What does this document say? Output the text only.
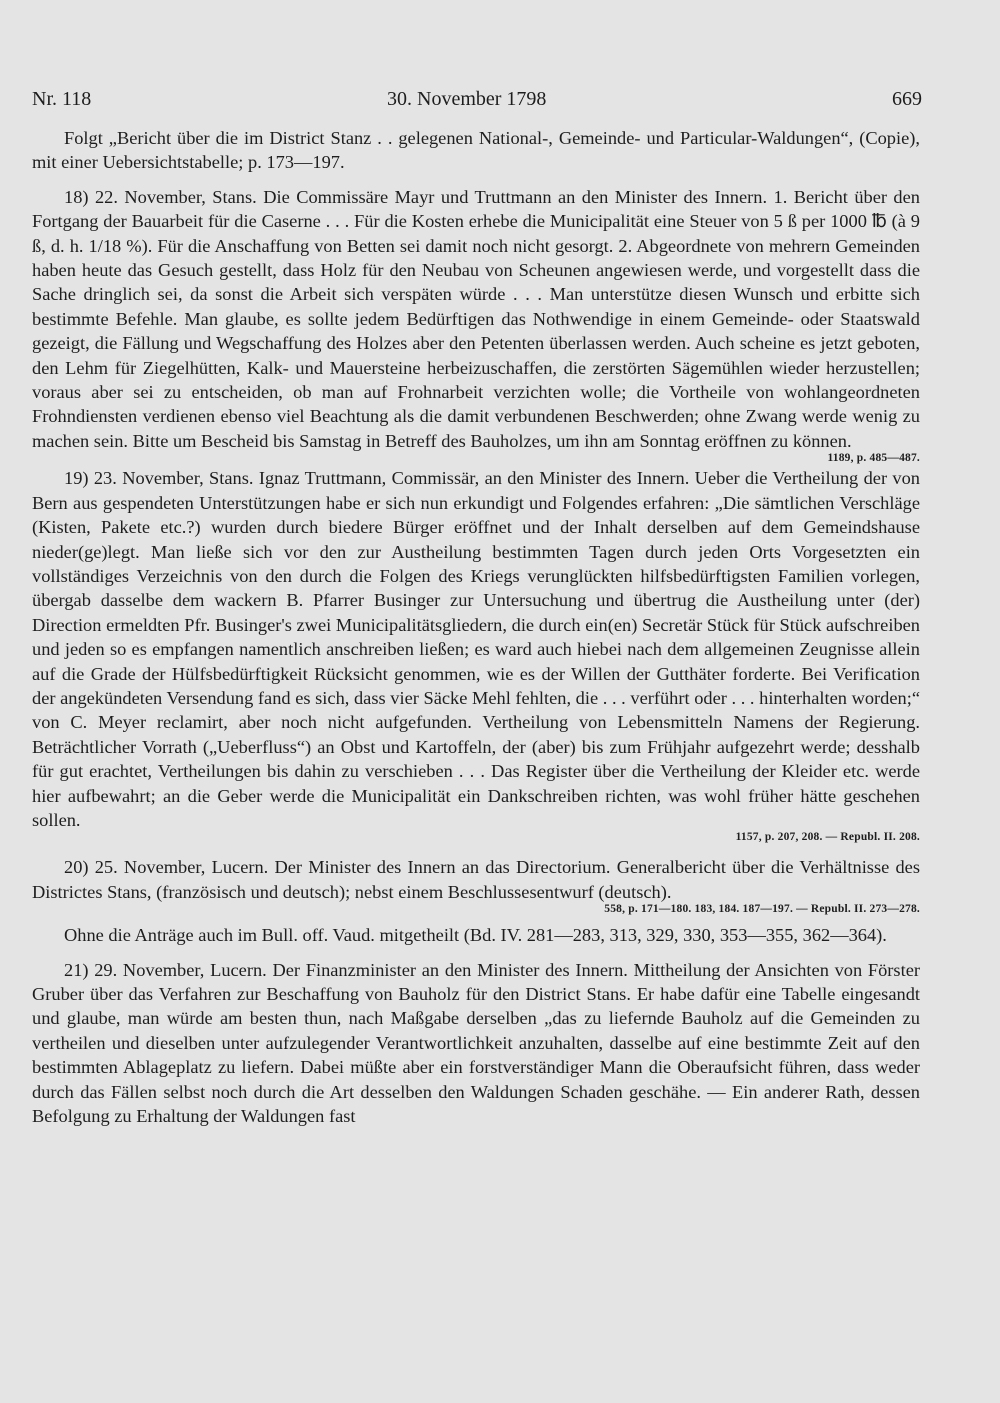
Nr. 118	30. November 1798	669

Folgt „Bericht über die im District Stanz . . gelegenen National-, Gemeinde- und Particular-Waldungen“, (Copie), mit einer Uebersichtstabelle; p. 173—197.

18) 22. November, Stans. Die Commissäre Mayr und Truttmann an den Minister des Innern. 1. Bericht über den Fortgang der Bauarbeit für die Caserne . . . Für die Kosten erhebe die Municipalität eine Steuer von 5 ß per 1000 ℔ (à 9 ß, d. h. 1/18 %). Für die Anschaffung von Betten sei damit noch nicht gesorgt. 2. Abgeordnete von mehrern Gemeinden haben heute das Gesuch gestellt, dass Holz für den Neubau von Scheunen angewiesen werde, und vorgestellt dass die Sache dringlich sei, da sonst die Arbeit sich verspäten würde . . . Man unterstütze diesen Wunsch und erbitte sich bestimmte Befehle. Man glaube, es sollte jedem Bedürftigen das Nothwendige in einem Gemeinde- oder Staatswald gezeigt, die Fällung und Wegschaffung des Holzes aber den Petenten überlassen werden. Auch scheine es jetzt geboten, den Lehm für Ziegelhütten, Kalk- und Mauersteine herbeizuschaffen, die zerstörten Sägemühlen wieder herzustellen; voraus aber sei zu entscheiden, ob man auf Frohnarbeit verzichten wolle; die Vortheile von wohlangeordneten Frohndiensten verdienen ebenso viel Beachtung als die damit verbundenen Beschwerden; ohne Zwang werde wenig zu machen sein. Bitte um Bescheid bis Samstag in Betreff des Bauholzes, um ihn am Sonntag eröffnen zu können.

1189, p. 485—487.

19) 23. November, Stans. Ignaz Truttmann, Commissär, an den Minister des Innern. Ueber die Vertheilung der von Bern aus gespendeten Unterstützungen habe er sich nun erkundigt und Folgendes erfahren: „Die sämtlichen Verschläge (Kisten, Pakete etc.?) wurden durch biedere Bürger eröffnet und der Inhalt derselben auf dem Gemeindshause nieder(ge)legt. Man ließe sich vor den zur Austheilung bestimmten Tagen durch jeden Orts Vorgesetzten ein vollständiges Verzeichnis von den durch die Folgen des Kriegs verunglückten hilfsbedürftigsten Familien vorlegen, übergab dasselbe dem wackern B. Pfarrer Businger zur Untersuchung und übertrug die Austheilung unter (der) Direction ermeldten Pfr. Businger's zwei Municipalitätsgliedern, die durch ein(en) Secretär Stück für Stück aufschreiben und jeden so es empfangen namentlich anschreiben ließen; es ward auch hiebei nach dem allgemeinen Zeugnisse allein auf die Grade der Hülfsbedürftigkeit Rücksicht genommen, wie es der Willen der Gutthäter forderte. Bei Verification der angekündeten Versendung fand es sich, dass vier Säcke Mehl fehlten, die . . . verführt oder . . . hinterhalten worden;“ von C. Meyer reclamirt, aber noch nicht aufgefunden. Vertheilung von Lebensmitteln Namens der Regierung. Beträchtlicher Vorrath („Ueberfluss“) an Obst und Kartoffeln, der (aber) bis zum Frühjahr aufgezehrt werde; desshalb für gut erachtet, Vertheilungen bis dahin zu verschieben . . . Das Register über die Vertheilung der Kleider etc. werde hier aufbewahrt; an die Geber werde die Municipalität ein Dankschreiben richten, was wohl früher hätte geschehen sollen.

1157, p. 207, 208. — Republ. II. 208.

20) 25. November, Lucern. Der Minister des Innern an das Directorium. Generalbericht über die Verhältnisse des Districtes Stans, (französisch und deutsch); nebst einem Beschlussesentwurf (deutsch).

558, p. 171—180. 183, 184. 187—197. — Republ. II. 273—278.

Ohne die Anträge auch im Bull. off. Vaud. mitgetheilt (Bd. IV. 281—283, 313, 329, 330, 353—355, 362—364).

21) 29. November, Lucern. Der Finanzminister an den Minister des Innern. Mittheilung der Ansichten von Förster Gruber über das Verfahren zur Beschaffung von Bauholz für den District Stans. Er habe dafür eine Tabelle eingesandt und glaube, man würde am besten thun, nach Maßgabe derselben „das zu liefernde Bauholz auf die Gemeinden zu vertheilen und dieselben unter aufzulegender Verantwortlichkeit anzuhalten, dasselbe auf eine bestimmte Zeit auf den bestimmten Ablageplatz zu liefern. Dabei müßte aber ein forstverständiger Mann die Oberaufsicht führen, dass weder durch das Fällen selbst noch durch die Art desselben den Waldungen Schaden geschähe. — Ein anderer Rath, dessen Befolgung zu Erhaltung der Waldungen fast
